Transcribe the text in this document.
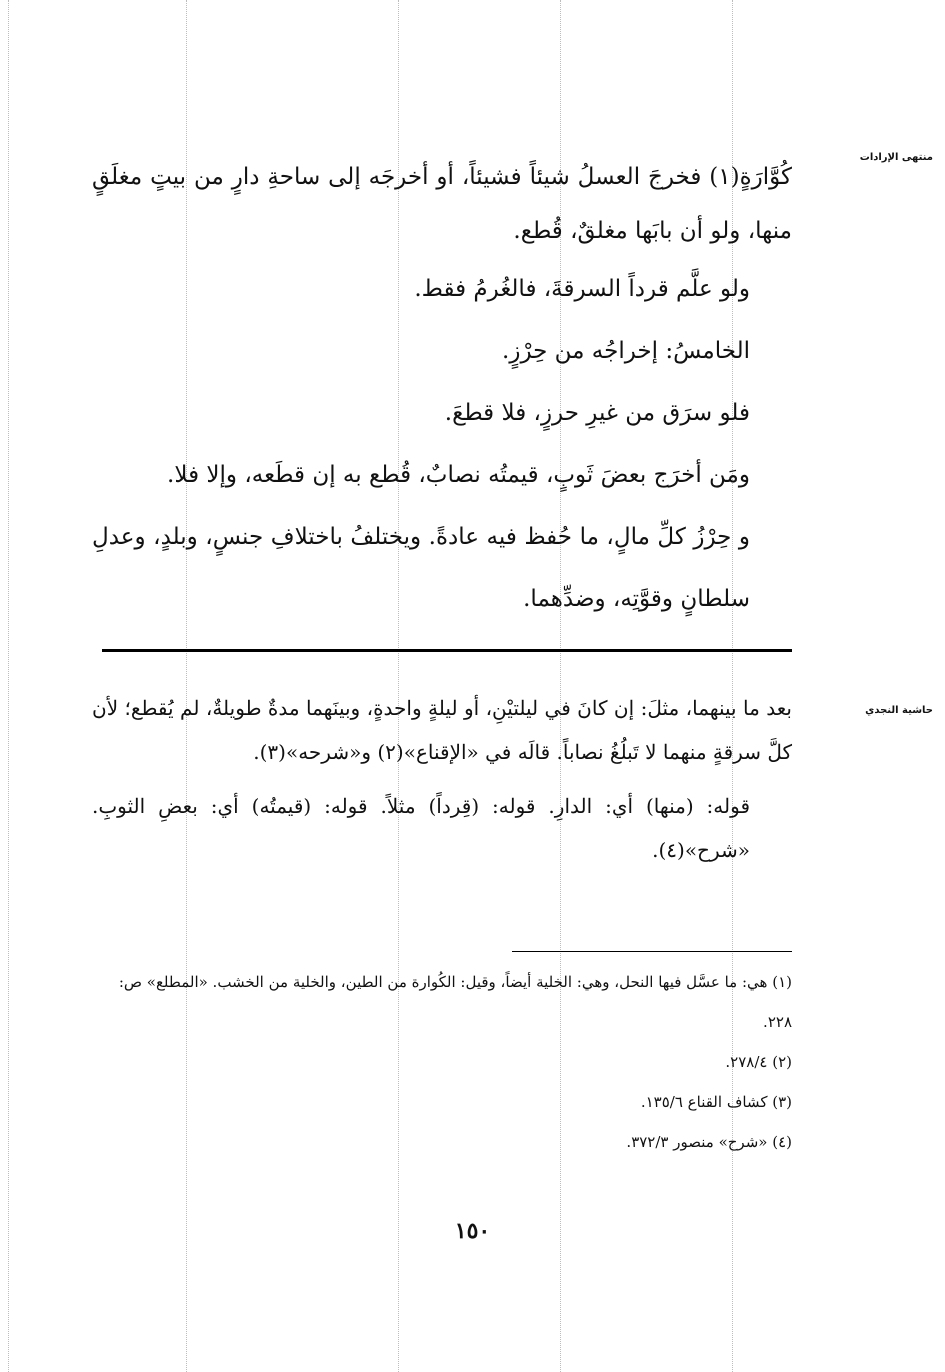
منتهى الإرادات
حاشية النجدي

كُوَّارَةٍ(١) فخرجَ العسلُ شيئاً فشيئاً، أو أخرجَه إلى ساحةِ دارٍ من بيتٍ مغلَقٍ منها، ولو أن بابَها مغلقٌ، قُطع.

ولو علَّم قرداً السرقةَ، فالغُرمُ فقط.

الخامسُ: إخراجُه من حِرْزٍ.

فلو سرَق من غيرِ حرزٍ، فلا قطعَ.

ومَن أخرَج بعضَ ثَوبٍ، قيمتُه نصابٌ، قُطع به إن قطَعه، وإلا فلا.

و حِرْزُ كلِّ مالٍ، ما حُفظ فيه عادةً. ويختلفُ باختلافِ جنسٍ، وبلدٍ، وعدلِ سلطانٍ وقوَّتِه، وضدِّهما.

بعد ما بينهما، مثلَ: إن كانَ في ليلتيْنِ، أو ليلةٍ واحدةٍ، وبينَهما مدةٌ طويلةٌ، لم يُقطع؛ لأن كلَّ سرقةٍ منهما لا تَبلُغُ نصاباً. قالَه في «الإقناع»(٢) و«شرحه»(٣).

قوله: (منها) أي: الدارِ. قوله: (قِرداً) مثلاً. قوله: (قيمتُه) أي: بعضِ الثوبِ. «شرح»(٤).

(١) هي: ما عسَّل فيها النحل، وهي: الخلية أيضاً، وقيل: الكُوارة من الطين، والخلية من الخشب. «المطلع» ص: ٢٢٨.

(٢) ٢٧٨/٤.

(٣) كشاف القناع ١٣٥/٦.

(٤) «شرح» منصور ٣٧٢/٣.

١٥٠
